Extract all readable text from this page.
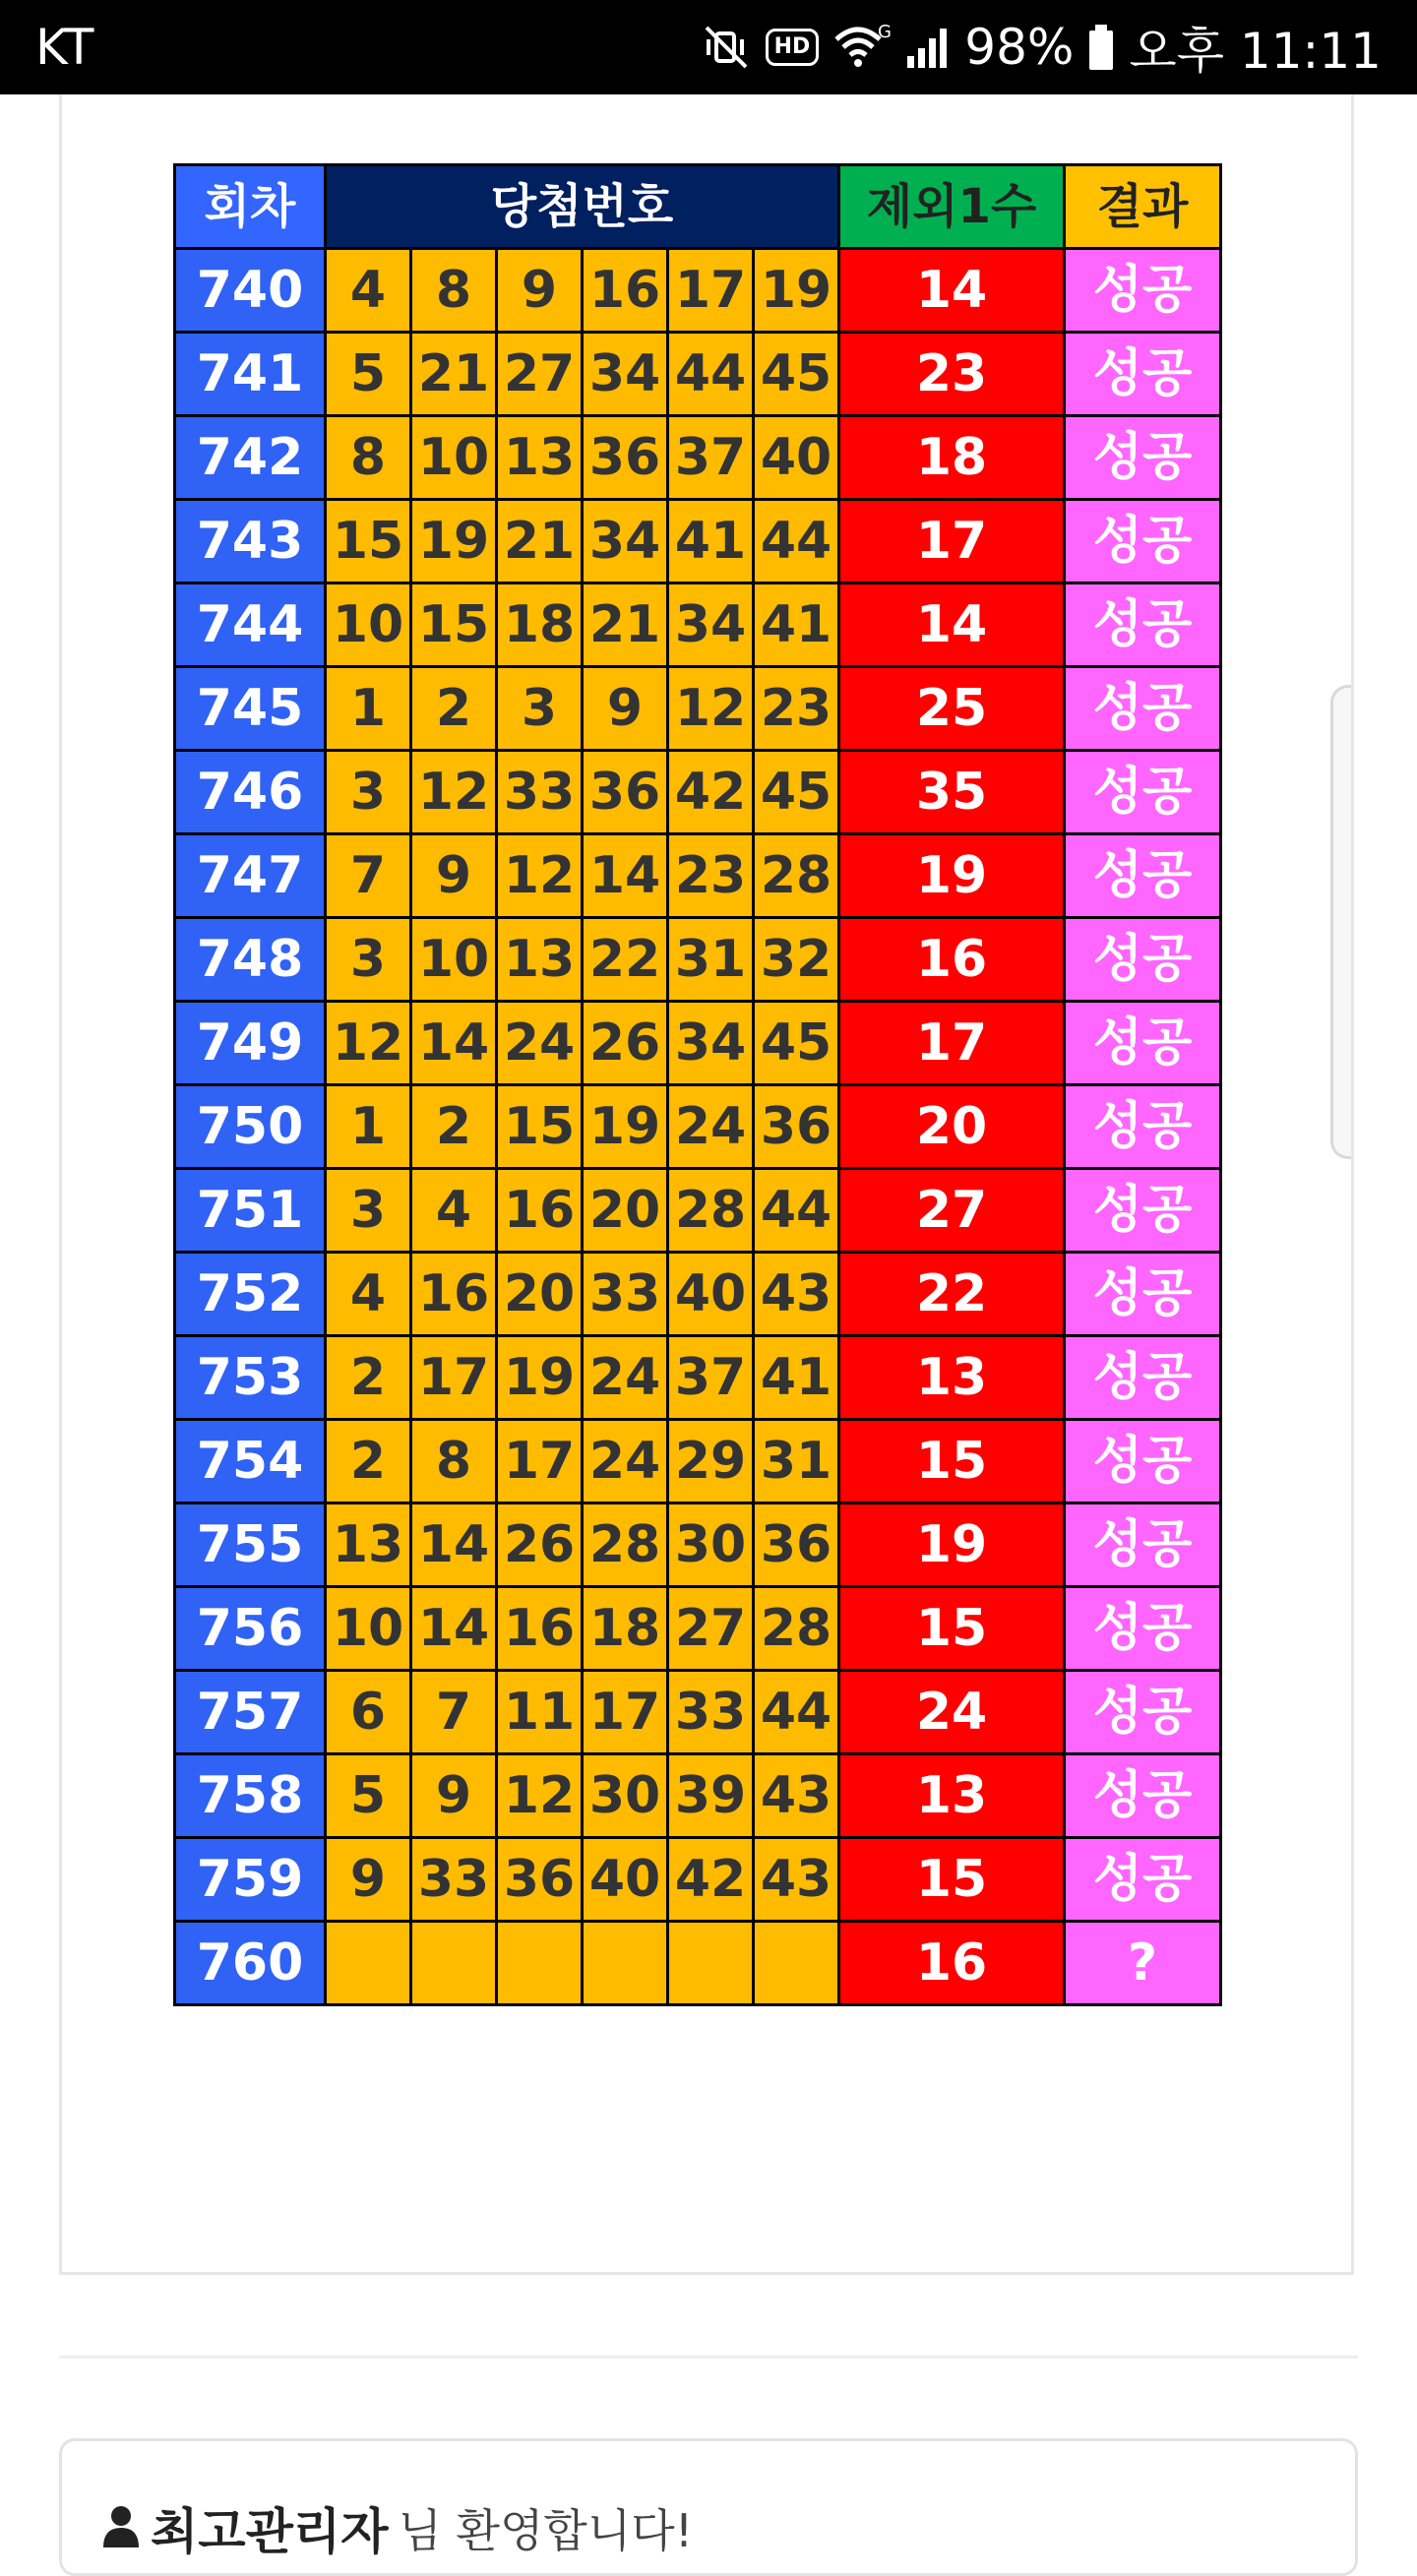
KT	HD
G 98% 오후 11:11
회차	당첨번호						제외1수	결과
740	4	8	9	16	17	19	14	성공
741	5	21	27	34	44	45	23	성공
742	8	10	13	36	37	40	18	성공
743	15	19	21	34	41	44	17	성공
744	10	15	18	21	34	41	14	성공
745	1	2	3	9	12	23	25	성공
746	3	12	33	36	42	45	35	성공
747	7	9	12	14	23	28	19	성공
748	3	10	13	22	31	32	16	성공
749	12	14	24	26	34	45	17	성공
750	1	2	15	19	24	36	20	성공
751	3	4	16	20	28	44	27	성공
752	4	16	20	33	40	43	22	성공
753	2	17	19	24	37	41	13	성공
754	2	8	17	24	29	31	15	성공
755	13	14	26	28	30	36	19	성공
756	10	14	16	18	27	28	15	성공
757	6	7	11	17	33	44	24	성공
758	5	9	12	30	39	43	13	성공
759	9	33	36	40	42	43	15	성공
760							16	?
최고관리자 님 환영합니다!
